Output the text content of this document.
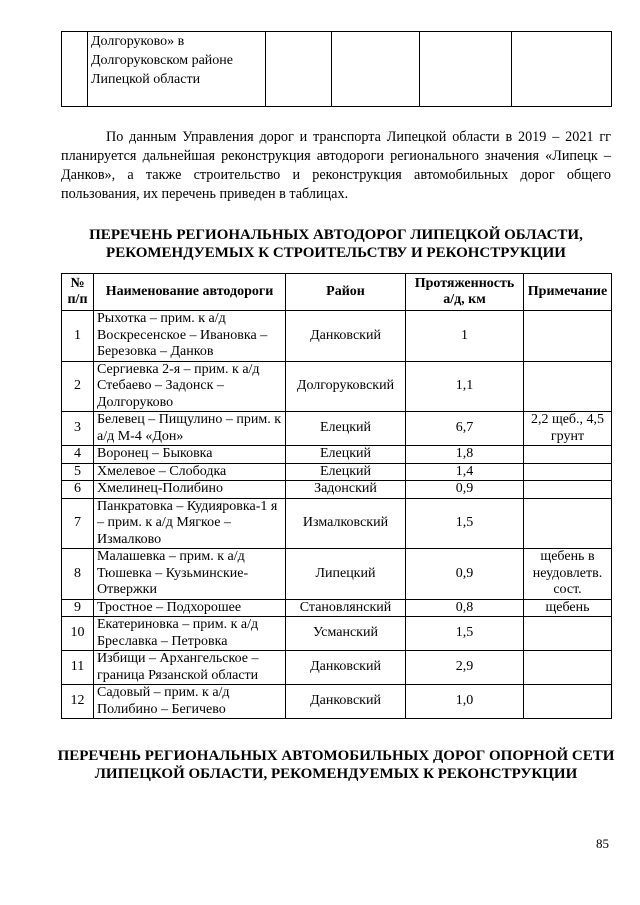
	Долгоруково» в Долгоруковском районе Липецкой области				

По данным Управления дорог и транспорта Липецкой области в 2019 – 2021 гг планируется дальнейшая реконструкция автодороги регионального значения «Липецк – Данков», а также строительство и реконструкция автомобильных дорог общего пользования, их перечень приведен в таблицах.

ПЕРЕЧЕНЬ РЕГИОНАЛЬНЫХ АВТОДОРОГ ЛИПЕЦКОЙ ОБЛАСТИ, РЕКОМЕНДУЕМЫХ К СТРОИТЕЛЬСТВУ И РЕКОНСТРУКЦИИ

№ п/п	Наименование автодороги	Район	Протяженность а/д, км	Примечание
1	Рыхотка – прим. к а/д Воскресенское – Ивановка – Березовка – Данков	Данковский	1	
2	Сергиевка 2-я – прим. к а/д Стебаево – Задонск – Долгоруково	Долгоруковский	1,1	
3	Белевец – Пищулино – прим. к а/д М-4 «Дон»	Елецкий	6,7	2,2 щеб., 4,5 грунт
4	Воронец – Быковка	Елецкий	1,8	
5	Хмелевое – Слободка	Елецкий	1,4	
6	Хмелинец-Полибино	Задонский	0,9	
7	Панкратовка – Кудияровка-1 я – прим. к а/д Мягкое – Измалково	Измалковский	1,5	
8	Малашевка – прим. к а/д Тюшевка – Кузьминские-Отвержки	Липецкий	0,9	щебень в неудовлетв. сост.
9	Тростное – Подхорошее	Становлянский	0,8	щебень
10	Екатериновка – прим. к а/д Бреславка – Петровка	Усманский	1,5	
11	Избищи – Архангельское – граница Рязанской области	Данковский	2,9	
12	Садовый – прим. к а/д Полибино – Бегичево	Данковский	1,0	

ПЕРЕЧЕНЬ РЕГИОНАЛЬНЫХ АВТОМОБИЛЬНЫХ ДОРОГ ОПОРНОЙ СЕТИ ЛИПЕЦКОЙ ОБЛАСТИ, РЕКОМЕНДУЕМЫХ К РЕКОНСТРУКЦИИ

85
